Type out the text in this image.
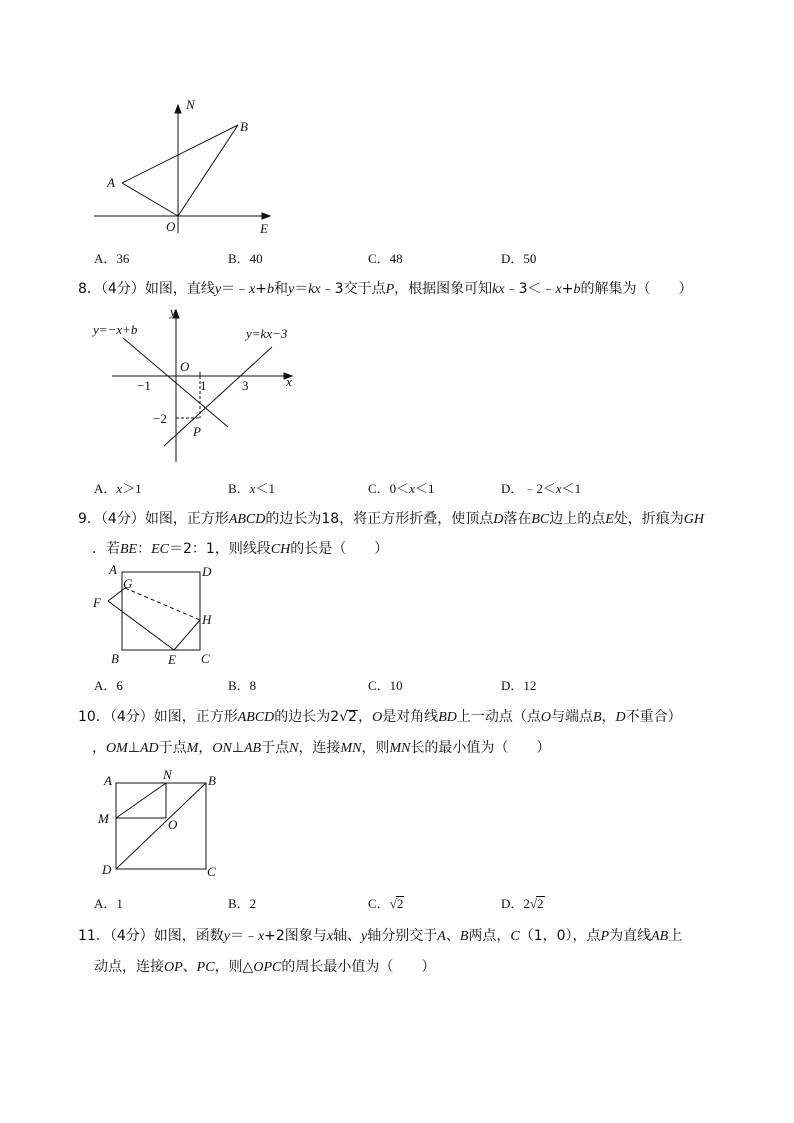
N
B
A
O	E
A．36	B．40	C．48	D．50
8．（4分）如图，直线y＝﹣x+b和y＝kx﹣3交于点P，根据图象可知kx﹣3＜﹣x+b的解集为（　　）
y
y=−x+b	y=kx−3
O
x
−1	1	3
−2
P
A．x＞1	B．x＜1	C．0＜x＜1	D．﹣2＜x＜1
9．（4分）如图，正方形ABCD的边长为18，将正方形折叠，使顶点D落在BC边上的点E处，折痕为GH
．若BE：EC＝2：1，则线段CH的长是（　　）
A	D
G
F
H
B	E C
A．6	B．8	C．10	D．12
10．（4分）如图，正方形ABCD的边长为2√2，O是对角线BD上一动点（点O与端点B，D不重合）
，OM⊥AD于点M，ON⊥AB于点N，连接MN，则MN长的最小值为（　　）
A	N	B
M	O
D	C
A．1	B．2	C．√2	D．2√2
11．（4分）如图，函数y＝﹣x+2图象与x轴、y轴分别交于A、B两点，C（1，0），点P为直线AB上
动点，连接OP、PC，则△OPC的周长最小值为（　　）
